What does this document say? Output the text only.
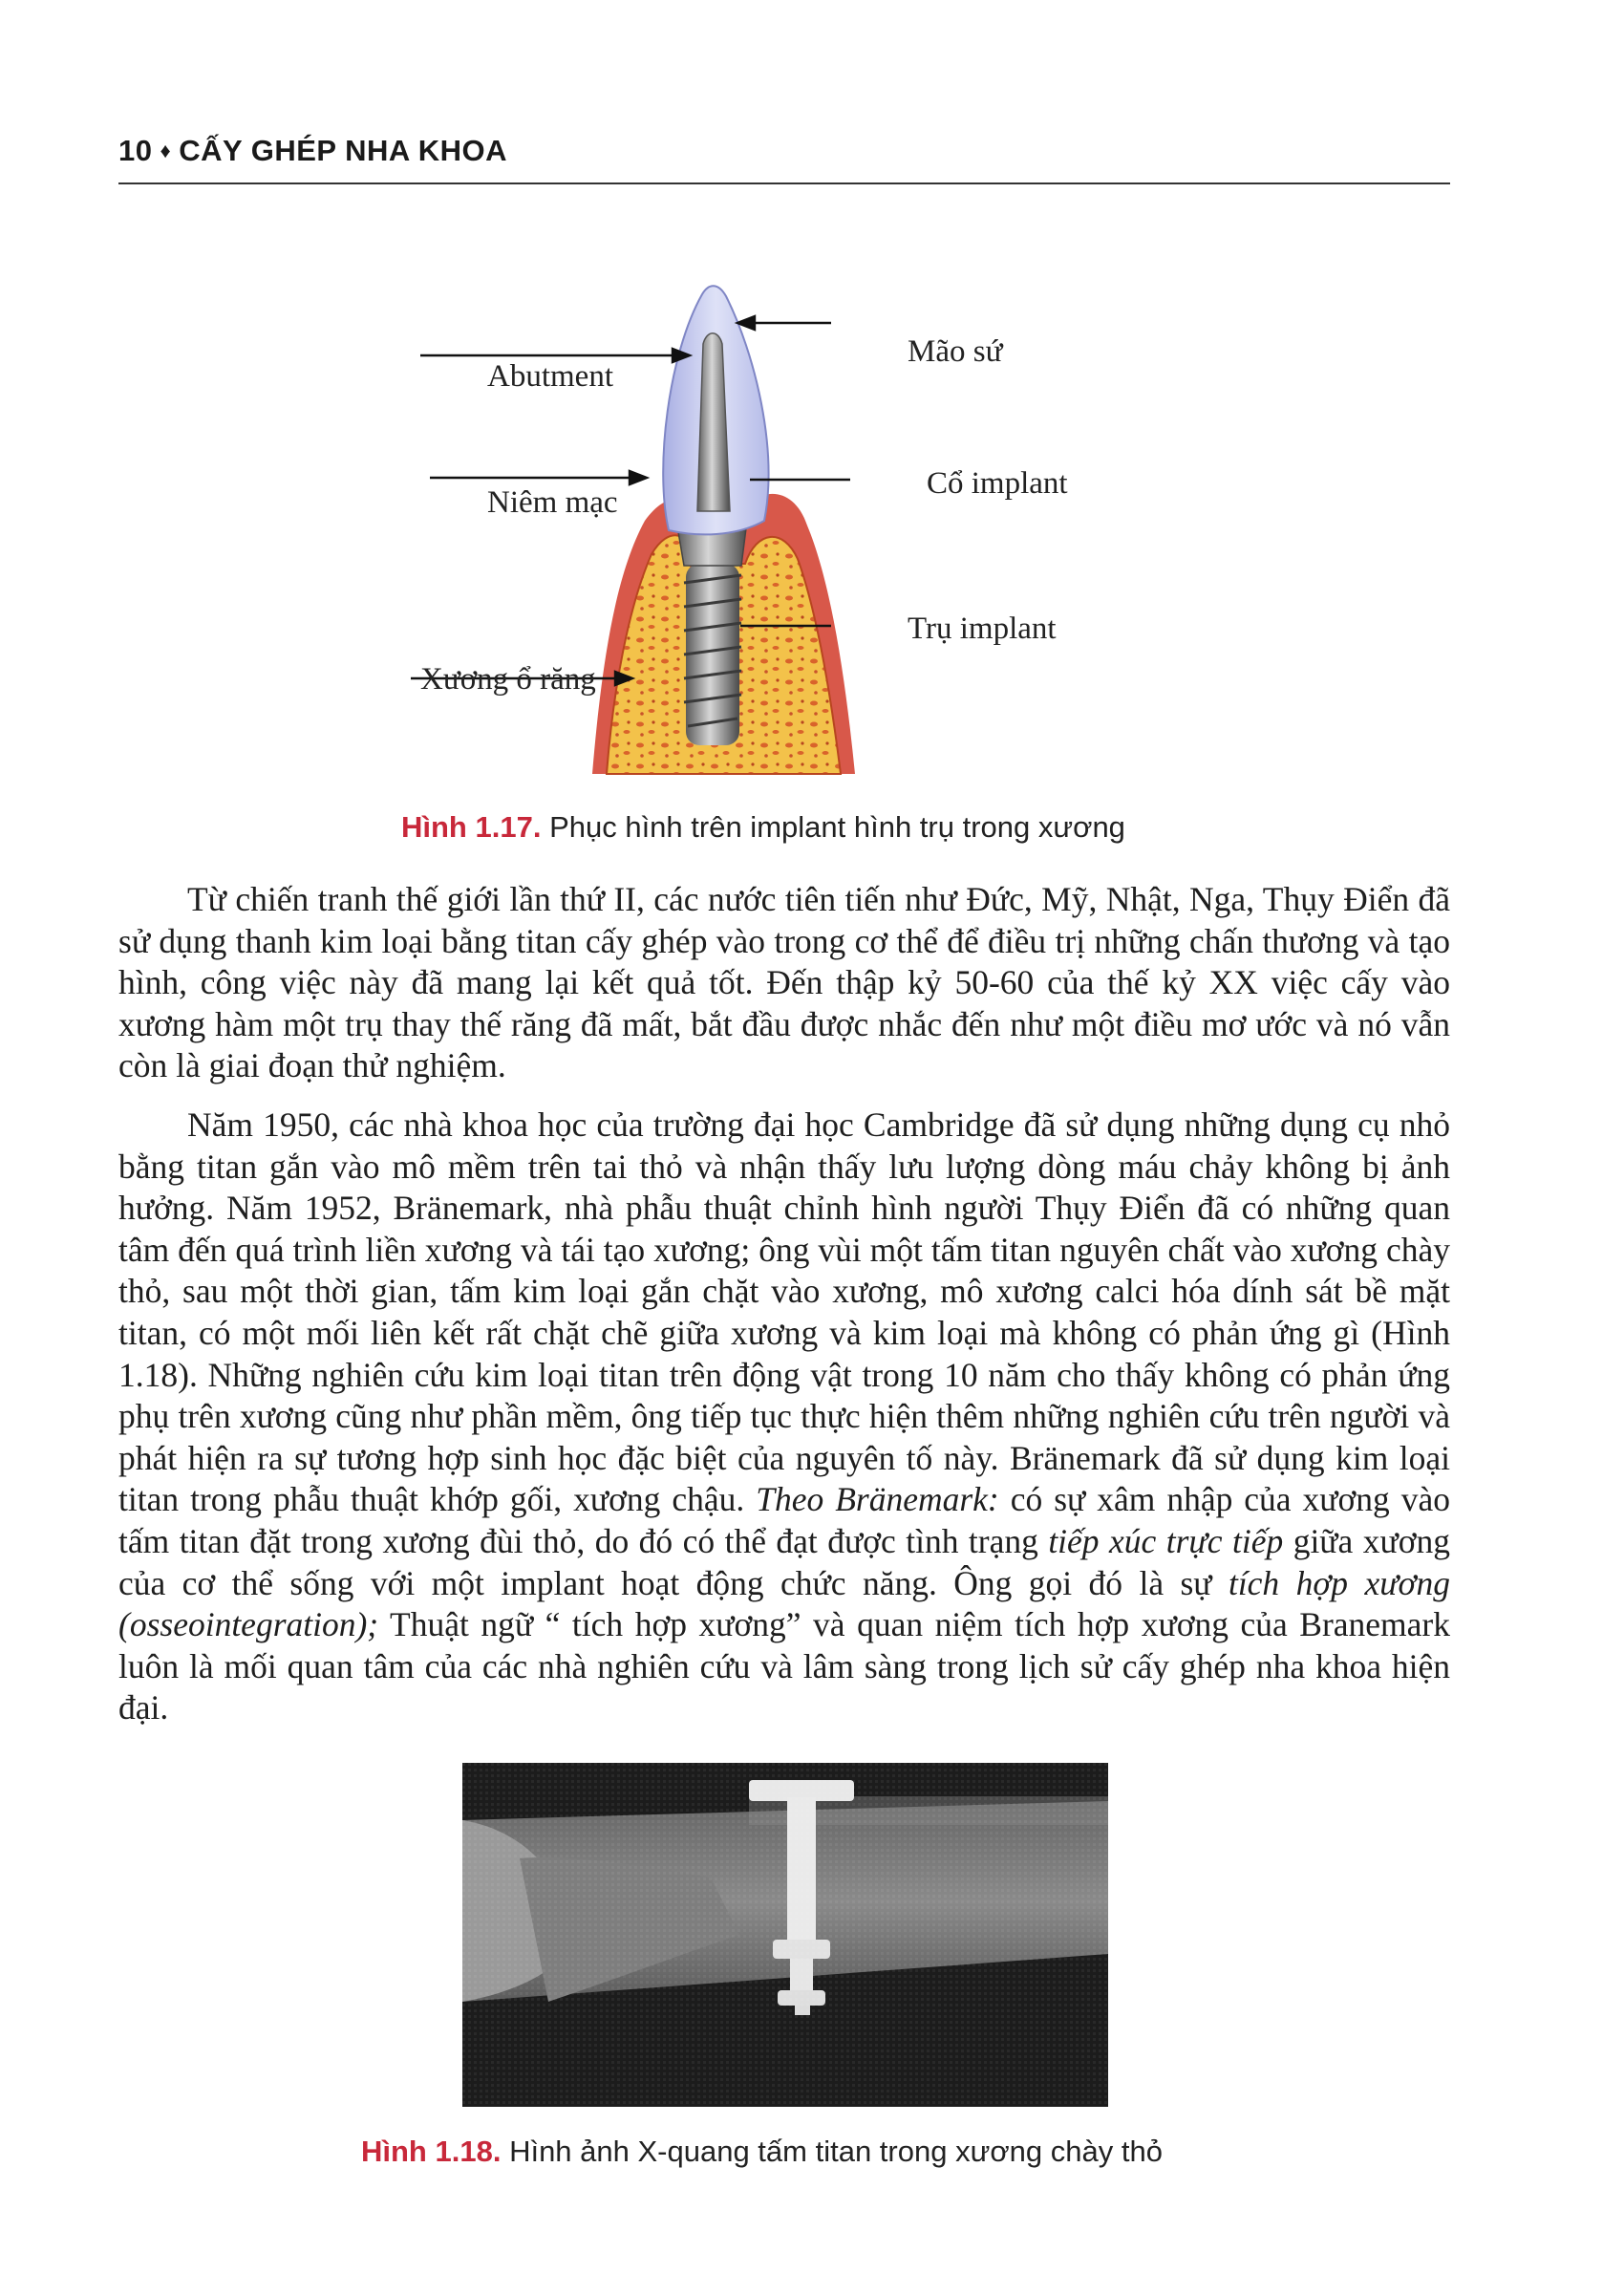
10 ♦ CẤY GHÉP NHA KHOA
Abutment
Mão sứ
Niêm mạc
Cổ implant
Trụ implant
Xương ổ răng
Hình 1.17. Phục hình trên implant hình trụ trong xương

Từ chiến tranh thế giới lần thứ II, các nước tiên tiến như Đức, Mỹ, Nhật, Nga, Thụy Điển đã sử dụng thanh kim loại bằng titan cấy ghép vào trong cơ thể để điều trị những chấn thương và tạo hình, công việc này đã mang lại kết quả tốt. Đến thập kỷ 50-60 của thế kỷ XX việc cấy vào xương hàm một trụ thay thế răng đã mất, bắt đầu được nhắc đến như một điều mơ ước và nó vẫn còn là giai đoạn thử nghiệm.

Năm 1950, các nhà khoa học của trường đại học Cambridge đã sử dụng những dụng cụ nhỏ bằng titan gắn vào mô mềm trên tai thỏ và nhận thấy lưu lượng dòng máu chảy không bị ảnh hưởng. Năm 1952, Bränemark, nhà phẫu thuật chỉnh hình người Thụy Điển đã có những quan tâm đến quá trình liền xương và tái tạo xương; ông vùi một tấm titan nguyên chất vào xương chày thỏ, sau một thời gian, tấm kim loại gắn chặt vào xương, mô xương calci hóa dính sát bề mặt titan, có một mối liên kết rất chặt chẽ giữa xương và kim loại mà không có phản ứng gì (Hình 1.18). Những nghiên cứu kim loại titan trên động vật trong 10 năm cho thấy không có phản ứng phụ trên xương cũng như phần mềm, ông tiếp tục thực hiện thêm những nghiên cứu trên người và phát hiện ra sự tương hợp sinh học đặc biệt của nguyên tố này. Bränemark đã sử dụng kim loại titan trong phẫu thuật khớp gối, xương chậu. Theo Bränemark: có sự xâm nhập của xương vào tấm titan đặt trong xương đùi thỏ, do đó có thể đạt được tình trạng tiếp xúc trực tiếp giữa xương của cơ thể sống với một implant hoạt động chức năng. Ông gọi đó là sự tích hợp xương (osseointegration); Thuật ngữ “ tích hợp xương” và quan niệm tích hợp xương của Branemark luôn là mối quan tâm của các nhà nghiên cứu và lâm sàng trong lịch sử cấy ghép nha khoa hiện đại.

Hình 1.18. Hình ảnh X-quang tấm titan trong xương chày thỏ
